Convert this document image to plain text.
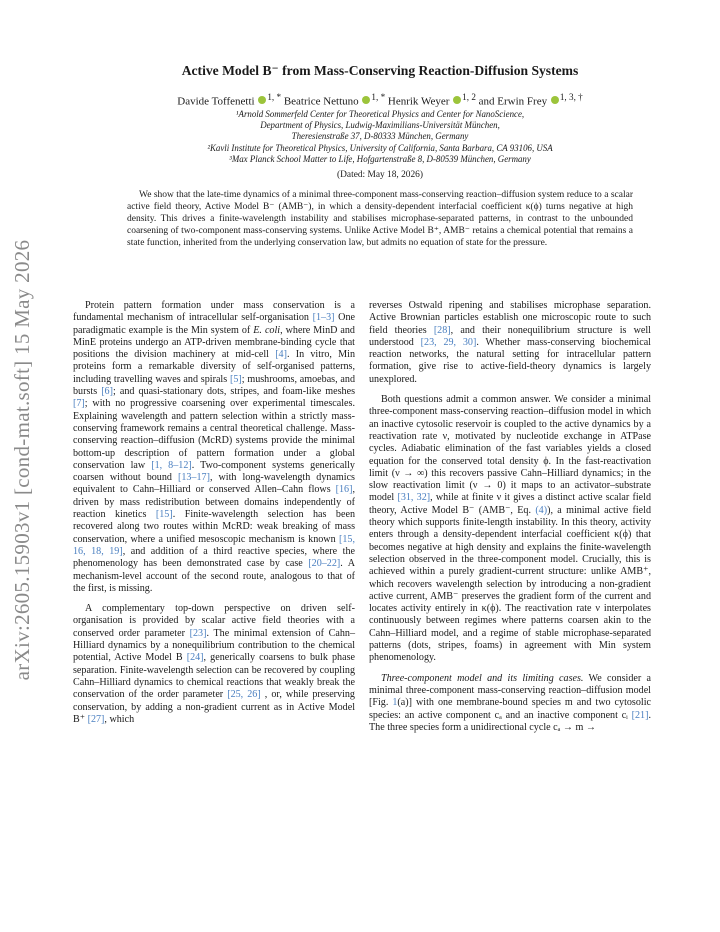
arXiv:2605.15903v1 [cond-mat.soft] 15 May 2026
Active Model B⁻ from Mass-Conserving Reaction-Diffusion Systems
Davide Toffenetti $^{1, *}$ Beatrice Nettuno $^{1, *}$ Henrik Weyer $^{1, 2}$ and Erwin Frey $^{1, 3, \dagger}$
¹Arnold Sommerfeld Center for Theoretical Physics and Center for NanoScience,
Department of Physics, Ludwig-Maximilians-Universität München,
Theresienstraße 37, D-80333 München, Germany
²Kavli Institute for Theoretical Physics, University of California, Santa Barbara, CA 93106, USA
³Max Planck School Matter to Life, Hofgartenstraße 8, D-80539 München, Germany
(Dated: May 18, 2026)
We show that the late-time dynamics of a minimal three-component mass-conserving reaction–diffusion system reduce to a scalar active field theory, Active Model B⁻ (AMB⁻), in which a density-dependent interfacial coefficient κ(ϕ) turns negative at high density. This drives a finite-wavelength instability and stabilises microphase-separated patterns, in contrast to the unbounded coarsening of two-component mass-conserving systems. Unlike Active Model B⁺, AMB⁻ retains a chemical potential that remains a state function, inherited from the underlying conservation law, but admits no equation of state for the pressure.

Protein pattern formation under mass conservation is a fundamental mechanism of intracellular self-organisation [1–3] One paradigmatic example is the Min system of E. coli, where MinD and MinE proteins undergo an ATP-driven membrane-binding cycle that positions the division machinery at mid-cell [4]. In vitro, Min proteins form a remarkable diversity of self-organised patterns, including travelling waves and spirals [5]; mushrooms, amoebas, and bursts [6]; and quasi-stationary dots, stripes, and foam-like meshes [7]; with no progressive coarsening over experimental timescales. Explaining wavelength and pattern selection within a strictly mass-conserving framework remains a central theoretical challenge. Mass-conserving reaction–diffusion (McRD) systems provide the minimal bottom-up description of pattern formation under a global conservation law [1, 8–12]. Two-component systems generically coarsen without bound [13–17], with long-wavelength dynamics equivalent to Cahn–Hilliard or conserved Allen–Cahn flows [16], driven by mass redistribution between domains independently of reaction kinetics [15]. Finite-wavelength selection has been recovered along two routes within McRD: weak breaking of mass conservation, where a unified mesoscopic mechanism is known [15, 16, 18, 19], and addition of a third reactive species, where the phenomenology has been demonstrated case by case [20–22]. A mechanism-level account of the second route, analogous to that of the first, is missing.

A complementary top-down perspective on driven self-organisation is provided by scalar active field theories with a conserved order parameter [23]. The minimal extension of Cahn–Hilliard dynamics by a nonequilibrium contribution to the chemical potential, Active Model B [24], generically coarsens to bulk phase separation. Finite-wavelength selection can be recovered by coupling Cahn–Hilliard dynamics to chemical reactions that weakly break the conservation of the order parameter [25, 26] , or, while preserving conservation, by adding a non-gradient current as in Active Model B⁺ [27], which

reverses Ostwald ripening and stabilises microphase separation. Active Brownian particles establish one microscopic route to such field theories [28], and their nonequilibrium structure is well understood [23, 29, 30]. Whether mass-conserving biochemical reaction networks, the natural setting for intracellular pattern formation, give rise to active-field-theory dynamics is largely unexplored.

Both questions admit a common answer. We consider a minimal three-component mass-conserving reaction–diffusion model in which an inactive cytosolic reservoir is coupled to the active dynamics by a reactivation rate ν, motivated by nucleotide exchange in ATPase cycles. Adiabatic elimination of the fast variables yields a closed equation for the conserved total density ϕ. In the fast-reactivation limit (ν → ∞) this recovers passive Cahn–Hilliard dynamics; in the slow reactivation limit (ν → 0) it maps to an activator–substrate model [31, 32], while at finite ν it gives a distinct active scalar field theory, Active Model B⁻ (AMB⁻, Eq. (4)), a minimal active field theory which supports finite-length instability. In this theory, activity enters through a density-dependent interfacial coefficient κ(ϕ) that becomes negative at high density and explains the finite-wavelength selection observed in the three-component model. Crucially, this is achieved within a purely gradient-current structure: unlike AMB⁺, which recovers wavelength selection by introducing a non-gradient active current, AMB⁻ preserves the gradient form of the current and locates activity entirely in κ(ϕ). The reactivation rate ν interpolates continuously between regimes where patterns coarsen akin to the Cahn–Hilliard model, and a regime of stable microphase-separated patterns (dots, stripes, foams) in agreement with Min system phenomenology.

Three-component model and its limiting cases. We consider a minimal three-component mass-conserving reaction–diffusion model [Fig. 1(a)] with one membrane-bound species m and two cytosolic species: an active component cₐ and an inactive component cᵢ [21]. The three species form a unidirectional cycle cₐ → m →
